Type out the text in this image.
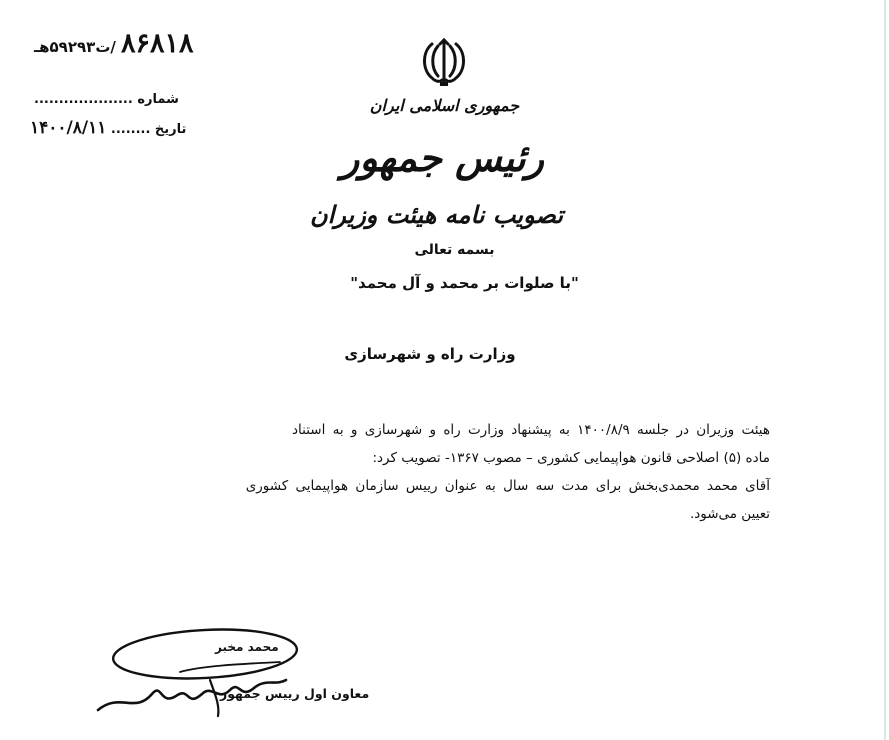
۸۶۸۱۸ /ت۵۹۲۹۳هـ
شماره ....................
تاریخ ........ ۱۴۰۰/۸/۱۱
جمهوری اسلامی ایران
رئیس جمهور
تصویب نامه هیئت وزیران
بسمه تعالی
"با صلوات بر محمد و آل محمد"
وزارت راه و شهرسازی

هیئت وزیران در جلسه ۱۴۰۰/۸/۹ به پیشنهاد وزارت راه و شهرسازی و به استناد

ماده (۵) اصلاحی قانون هواپیمایی کشوری – مصوب ۱۳۶۷- تصویب کرد:

آقای محمد محمدی‌بخش برای مدت سه سال به عنوان رییس سازمان هواپیمایی کشوری

تعیین می‌شود.

محمد مخبر
معاون اول رییس جمهور
